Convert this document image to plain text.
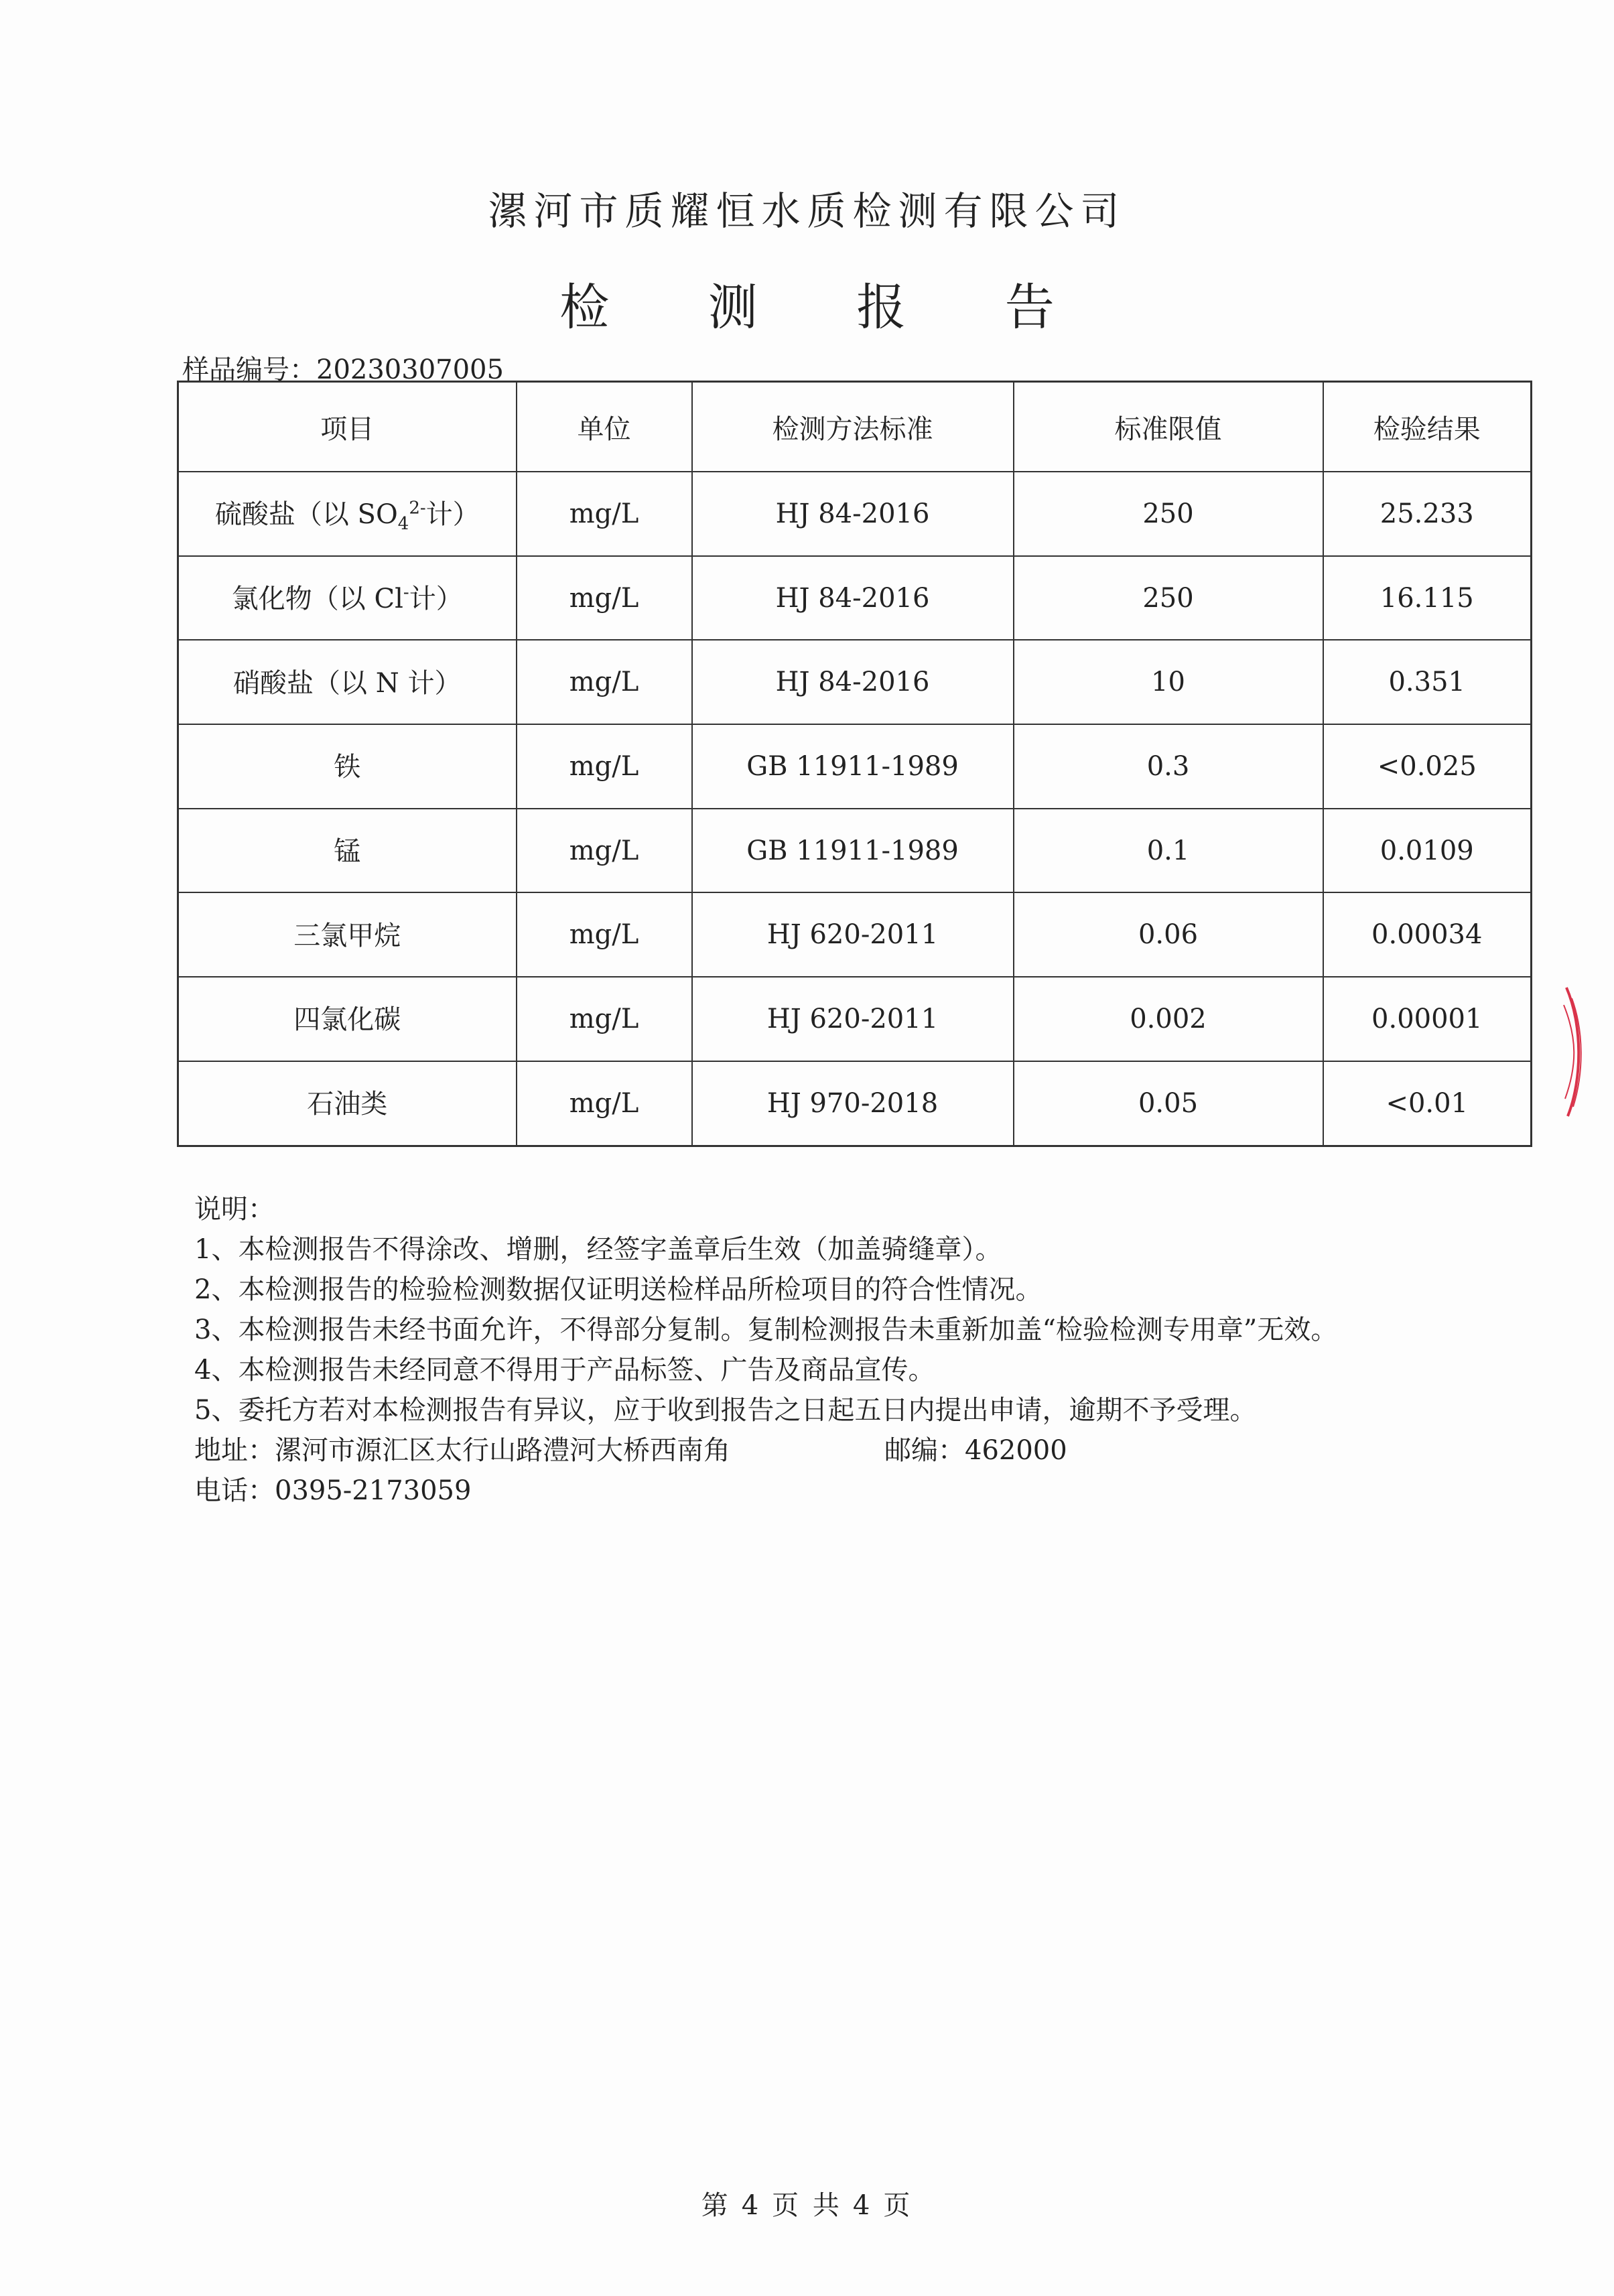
漯河市质耀恒水质检测有限公司
检 测 报 告
样品编号：20230307005
项目	单位	检测方法标准	标准限值	检验结果
硫酸盐（以 $SO_4^{2-}$计）	mg/L	HJ 84-2016	250	25.233
氯化物（以 Cl-计）	mg/L	HJ 84-2016	250	16.115
硝酸盐（以 N 计）	mg/L	HJ 84-2016	10	0.351
铁	mg/L	GB 11911-1989	0.3	<0.025
锰	mg/L	GB 11911-1989	0.1	0.0109
三氯甲烷	mg/L	HJ 620-2011	0.06	0.00034
四氯化碳	mg/L	HJ 620-2011	0.002	0.00001
石油类	mg/L	HJ 970-2018	0.05	<0.01
说明：
1、本检测报告不得涂改、增删，经签字盖章后生效（加盖骑缝章）。
2、本检测报告的检验检测数据仅证明送检样品所检项目的符合性情况。
3、本检测报告未经书面允许，不得部分复制。复制检测报告未重新加盖“检验检测专用章”无效。
4、本检测报告未经同意不得用于产品标签、广告及商品宣传。
5、委托方若对本检测报告有异议，应于收到报告之日起五日内提出申请，逾期不予受理。
地址：漯河市源汇区太行山路澧河大桥西南角	邮编：462000
电话：0395-2173059
第 4 页 共 4 页
